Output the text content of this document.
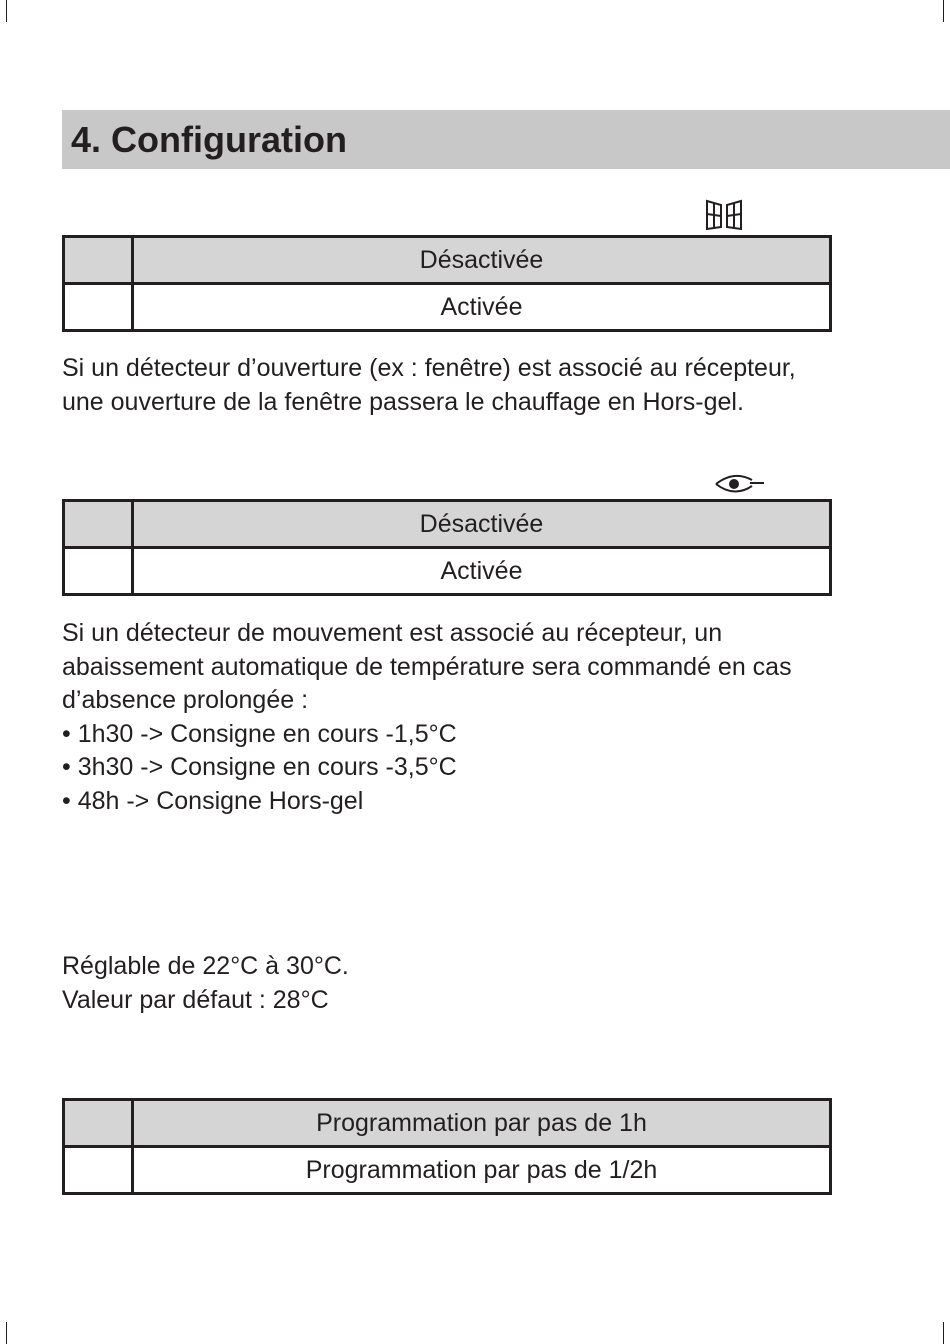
4. Configuration
	Désactivée
	Activée

Si un détecteur d’ouverture (ex : fenêtre) est associé au récepteur,
une ouverture de la fenêtre passera le chauffage en Hors-gel.

	Désactivée
	Activée

Si un détecteur de mouvement est associé au récepteur, un
abaissement automatique de température sera commandé en cas
d’absence prolongée :
• 1h30 -> Consigne en cours -1,5°C
• 3h30 -> Consigne en cours -3,5°C
• 48h -> Consigne Hors-gel

Réglable de 22°C à 30°C.
Valeur par défaut : 28°C

	Programmation par pas de 1h
	Programmation par pas de 1/2h
